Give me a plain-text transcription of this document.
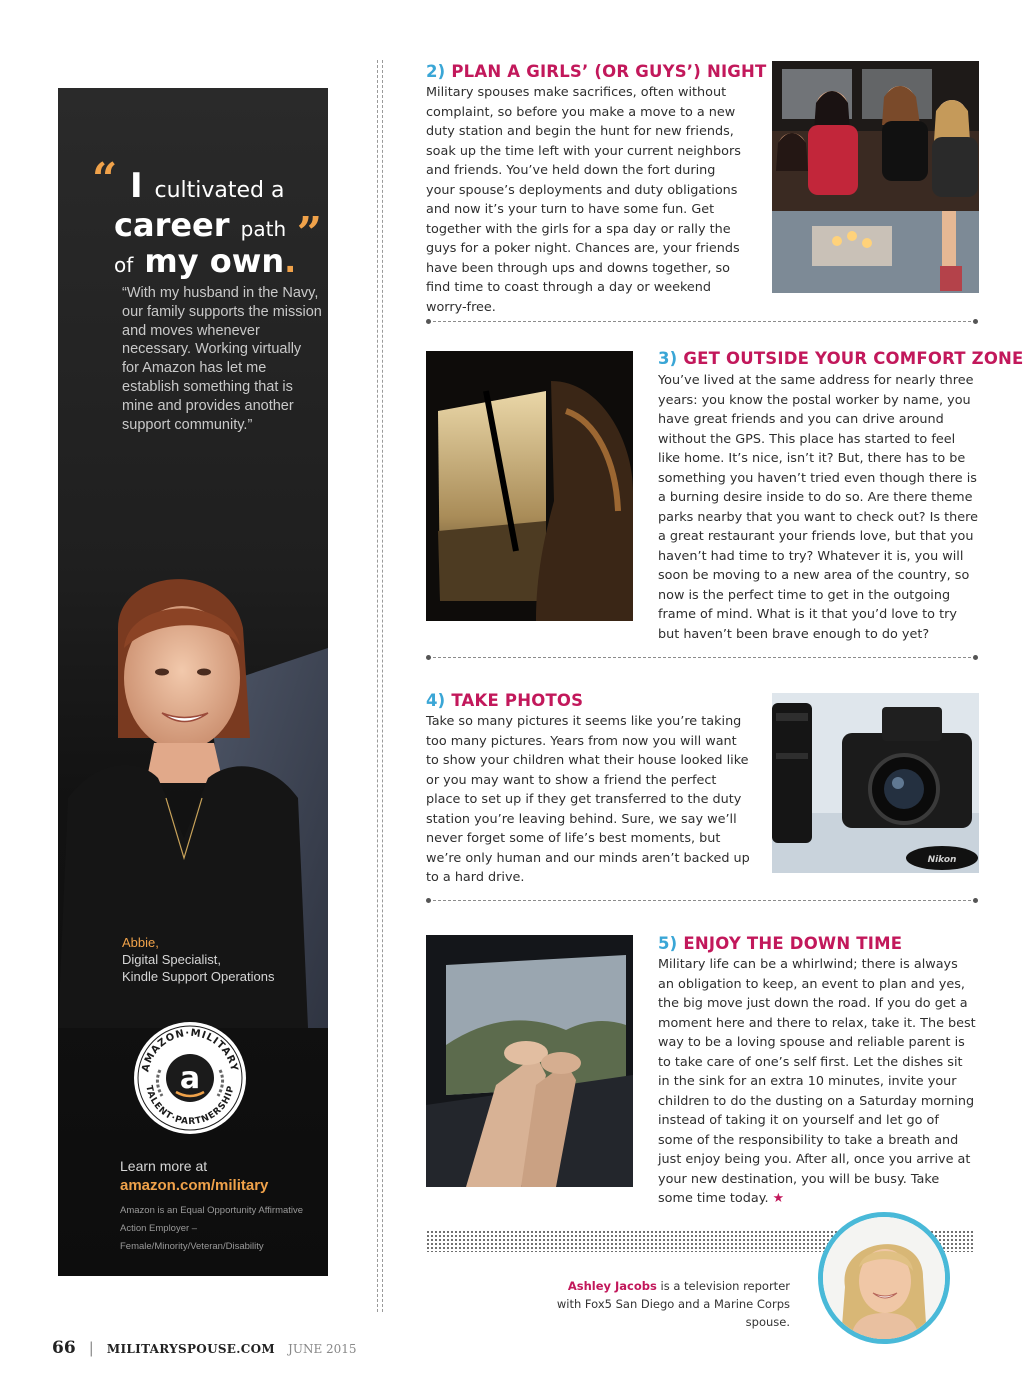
“ I cultivated a
career path ”
of my own.

“With my husband in the Navy, our family supports the mission and moves whenever necessary. Working virtually for Amazon has let me establish something that is mine and provides another support community.”

Abbie,
Digital Specialist,
Kindle Support Operations
AMAZON·MILITARY
TALENT·PARTNERSHIP
a
Learn more at
amazon.com/military
Amazon is an Equal Opportunity Affirmative Action Employer – Female/Minority/Veteran/Disability
2) PLAN A GIRLS’ (OR GUYS’) NIGHT

Military spouses make sacrifices, often without complaint, so before you make a move to a new duty station and begin the hunt for new friends, soak up the time left with your current neighbors and friends. You’ve held down the fort during your spouse’s deployments and duty obligations and now it’s your turn to have some fun. Get together with the girls for a spa day or rally the guys for a poker night. Chances are, your friends have been through ups and downs together, so find time to coast through a day or weekend worry-free.

3) GET OUTSIDE YOUR COMFORT ZONE

You’ve lived at the same address for nearly three years: you know the postal worker by name, you have great friends and you can drive around without the GPS. This place has started to feel like home. It’s nice, isn’t it? But, there has to be something you haven’t tried even though there is a burning desire inside to do so. Are there theme parks nearby that you want to check out? Is there a great restaurant your friends love, but that you haven’t had time to try? Whatever it is, you will soon be moving to a new area of the country, so now is the perfect time to get in the outgoing frame of mind. What is it that you’d love to try but haven’t been brave enough to do yet?

4) TAKE PHOTOS

Take so many pictures it seems like you’re taking too many pictures. Years from now you will want to show your children what their house looked like or you may want to show a friend the perfect place to set up if they get transferred to the duty station you’re leaving behind. Sure, we say we’ll never forget some of life’s best moments, but we’re only human and our minds aren’t backed up to a hard drive.

Nikon
5) ENJOY THE DOWN TIME

Military life can be a whirlwind; there is always an obligation to keep, an event to plan and yes, the big move just down the road. If you do get a moment here and there to relax, take it. The best way to be a loving spouse and reliable parent is to take care of one’s self first. Let the dishes sit in the sink for an extra 10 minutes, invite your children to do the dusting on a Saturday morning instead of taking it on yourself and let go of some of the responsibility to take a breath and just enjoy being you. After all, once you arrive at your new destination, you will be busy. Take some time today. ★

Ashley Jacobs is a television reporter with Fox5 San Diego and a Marine Corps spouse.

66 | MILITARYSPOUSE.COM JUNE 2015
